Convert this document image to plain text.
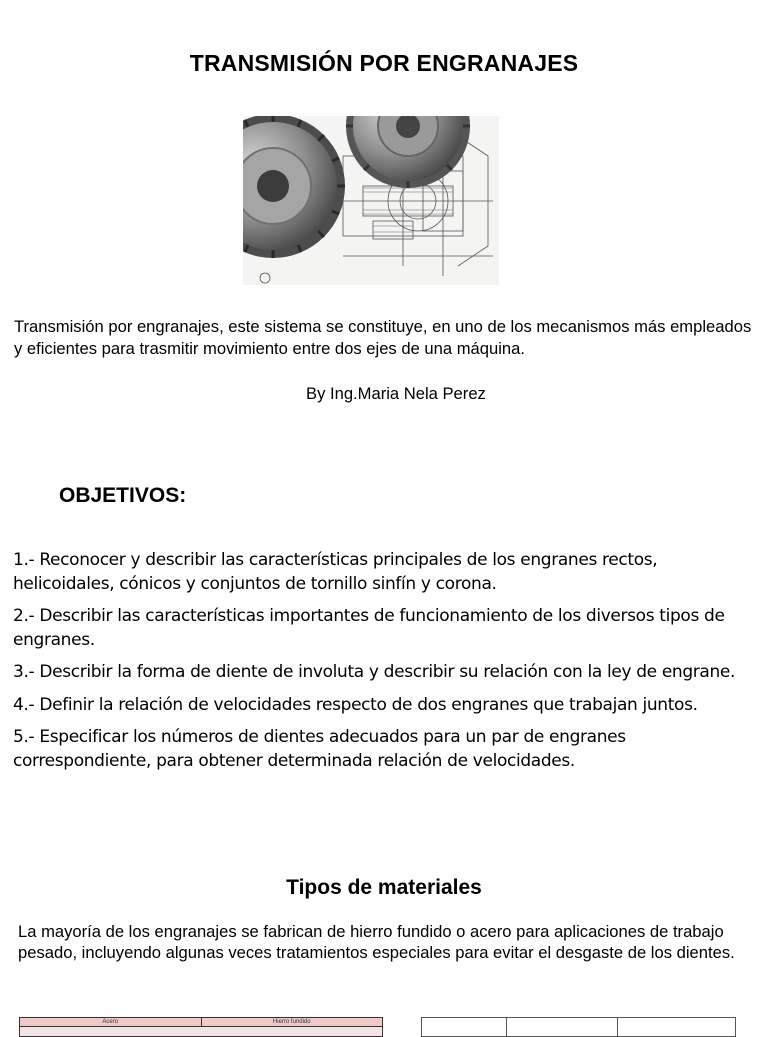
TRANSMISIÓN POR ENGRANAJES
Transmisión por engranajes, este sistema se constituye, en uno de los mecanismos más empleados y eficientes para trasmitir movimiento entre dos ejes de una máquina.
By Ing.Maria Nela Perez
OBJETIVOS:
1.- Reconocer y describir las características principales de los engranes rectos, helicoidales, cónicos y conjuntos de tornillo sinfín y corona.
2.- Describir las características importantes de funcionamiento de los diversos tipos de engranes.
3.- Describir la forma de diente de involuta y describir su relación con la ley de engrane.
4.- Definir la relación de velocidades respecto de dos engranes que trabajan juntos.
5.- Especificar los números de dientes adecuados para un par de engranes correspondiente, para obtener determinada relación de velocidades.
Tipos de materiales
La mayoría de los engranajes se fabrican de hierro fundido o acero para aplicaciones de trabajo pesado, incluyendo algunas veces tratamientos especiales para evitar el desgaste de los dientes.
Acero	Hierro fundido
